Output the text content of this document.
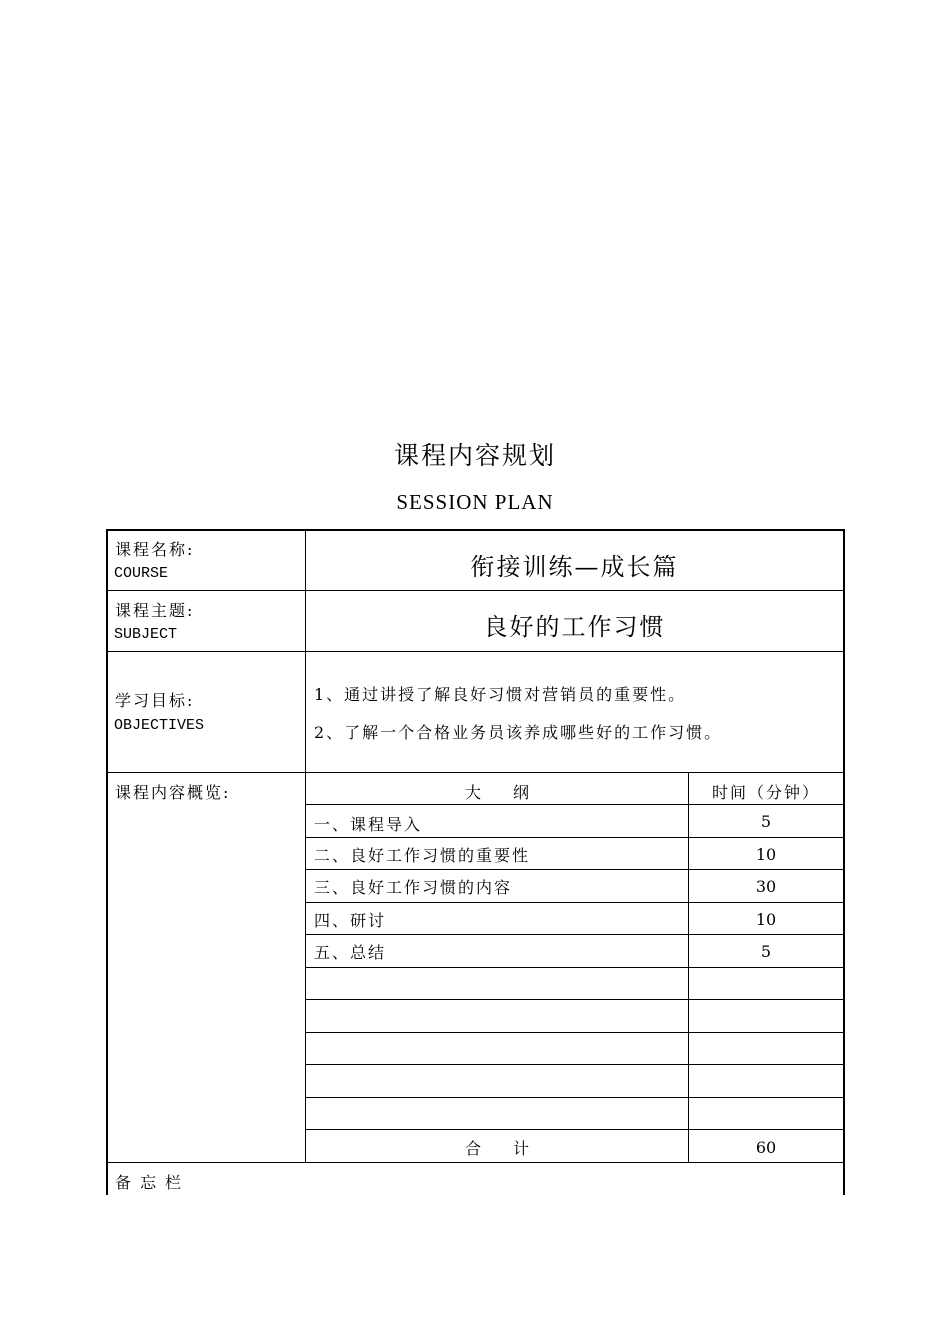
课程内容规划
SESSION PLAN
课程名称:
COURSE	衔接训练—成长篇
课程主题:
SUBJECT	良好的工作习惯
学习目标:
OBJECTIVES
1、通过讲授了解良好习惯对营销员的重要性。
2、了解一个合格业务员该养成哪些好的工作习惯。
课程内容概览:	大　　纲	时间（分钟）
一、课程导入	5
二、良好工作习惯的重要性	10
三、良好工作习惯的内容	30
四、研讨	10
五、总结	5
合　　计	60
备 忘 栏
